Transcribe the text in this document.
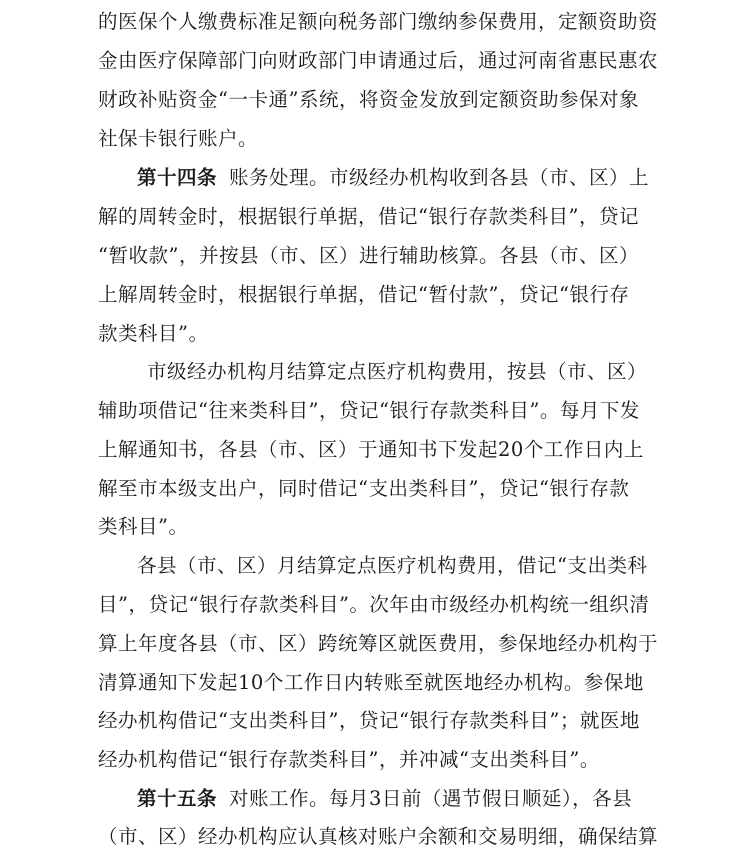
的医保个人缴费标准足额向税务部门缴纳参保费用，定额资助资
金由医疗保障部门向财政部门申请通过后，通过河南省惠民惠农
财政补贴资金“一卡通”系统，将资金发放到定额资助参保对象
社保卡银行账户。
第十四条 账务处理。市级经办机构收到各县（市、区）上
解的周转金时，根据银行单据，借记“银行存款类科目”，贷记
“暂收款”，并按县（市、区）进行辅助核算。各县（市、区）
上解周转金时，根据银行单据，借记“暂付款”，贷记“银行存
款类科目”。
市级经办机构月结算定点医疗机构费用，按县（市、区）
辅助项借记“往来类科目”，贷记“银行存款类科目”。每月下发
上解通知书，各县（市、区）于通知书下发起20个工作日内上
解至市本级支出户，同时借记“支出类科目”，贷记“银行存款
类科目”。
各县（市、区）月结算定点医疗机构费用，借记“支出类科
目”，贷记“银行存款类科目”。次年由市级经办机构统一组织清
算上年度各县（市、区）跨统筹区就医费用，参保地经办机构于
清算通知下发起10个工作日内转账至就医地经办机构。参保地
经办机构借记“支出类科目”，贷记“银行存款类科目”；就医地
经办机构借记“银行存款类科目”，并冲减“支出类科目”。
第十五条 对账工作。每月3日前（遇节假日顺延），各县
（市、区）经办机构应认真核对账户余额和交易明细，确保结算
